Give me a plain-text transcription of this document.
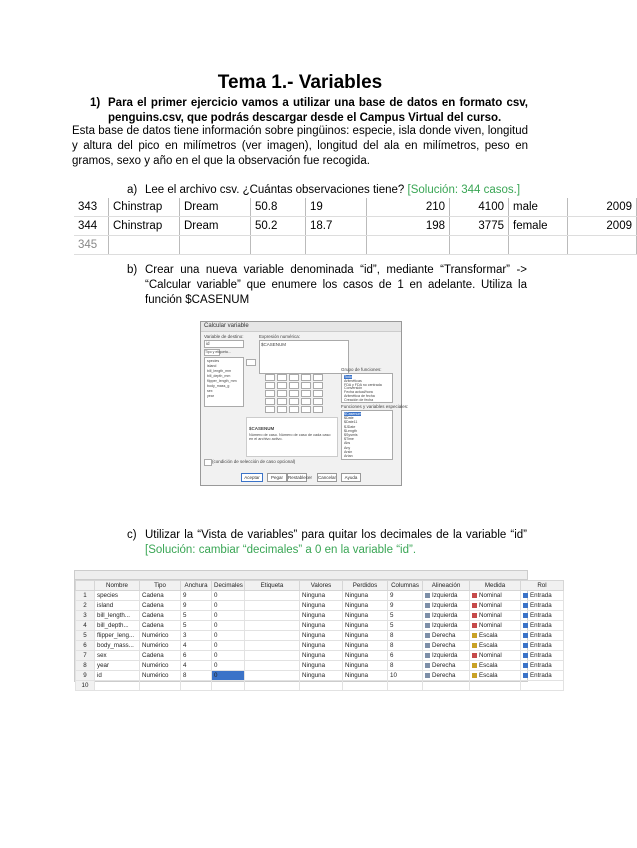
Tema 1.- Variables
1) Para el primer ejercicio vamos a utilizar una base de datos en formato csv, penguins.csv, que podrás descargar desde el Campus Virtual del curso.
Esta base de datos tiene información sobre pingüinos: especie, isla donde viven, longitud y altura del pico en milímetros (ver imagen), longitud del ala en milímetros, peso en gramos, sexo y año en el que la observación fue recogida.
a) Lee el archivo csv. ¿Cuántas observaciones tiene? [Solución: 344 casos.]
343	Chinstrap	Dream	50.8	19	210	4100	male	2009
344	Chinstrap	Dream	50.2	18.7	198	3775	female	2009
345								
b) Crear una nueva variable denominada “id”, mediante “Transformar” -> “Calcular variable” que enumere los casos de 1 en adelante. Utiliza la función $CASENUM
Calcular variable
Variable de destino:
id
Tipo y etiqueta...
species
island
bill_length_mm
bill_depth_mm
flipper_length_mm
body_mass_g
sex
year
Expresión numérica:
$CASENUM
Grupo de funciones:
Todo
Aritméticas
FDA y FDA no centrada
Conversión
Fecha actual/hora
Aritmética de fecha
Creación de fecha
Funciones y variables especiales:
$Casenum
$Date
$Date11
$JDate
$Length
$Sysmis
$Time
Abs
Any
Arsin
Artan
$CASENUM
Número de caso. Número de caso de cada caso en el archivo activo.
(condición de selección de caso opcional)
Aceptar	Pegar	Restablecer Cancelar	Ayuda
c) Utilizar la “Vista de variables” para quitar los decimales de la variable “id” [Solución: cambiar “decimales” a 0 en la variable “id”.
	Nombre	Tipo	Anchura	Decimales	Etiqueta	Valores	Perdidos	Columnas	Alineación	Medida	Rol
1	species	Cadena	9	0		Ninguna	Ninguna	9	Izquierda	Nominal	Entrada
2	island	Cadena	9	0		Ninguna	Ninguna	9	Izquierda	Nominal	Entrada
3	bill_length...	Cadena	5	0		Ninguna	Ninguna	5	Izquierda	Nominal	Entrada
4	bill_depth...	Cadena	5	0		Ninguna	Ninguna	5	Izquierda	Nominal	Entrada
5	flipper_leng...	Numérico	3	0		Ninguna	Ninguna	8	Derecha	Escala	Entrada
6	body_mass...	Numérico	4	0		Ninguna	Ninguna	8	Derecha	Escala	Entrada
7	sex	Cadena	6	0		Ninguna	Ninguna	6	Izquierda	Nominal	Entrada
8	year	Numérico	4	0		Ninguna	Ninguna	8	Derecha	Escala	Entrada
9	id	Numérico	8	0		Ninguna	Ninguna	10	Derecha	Escala	Entrada
10											
